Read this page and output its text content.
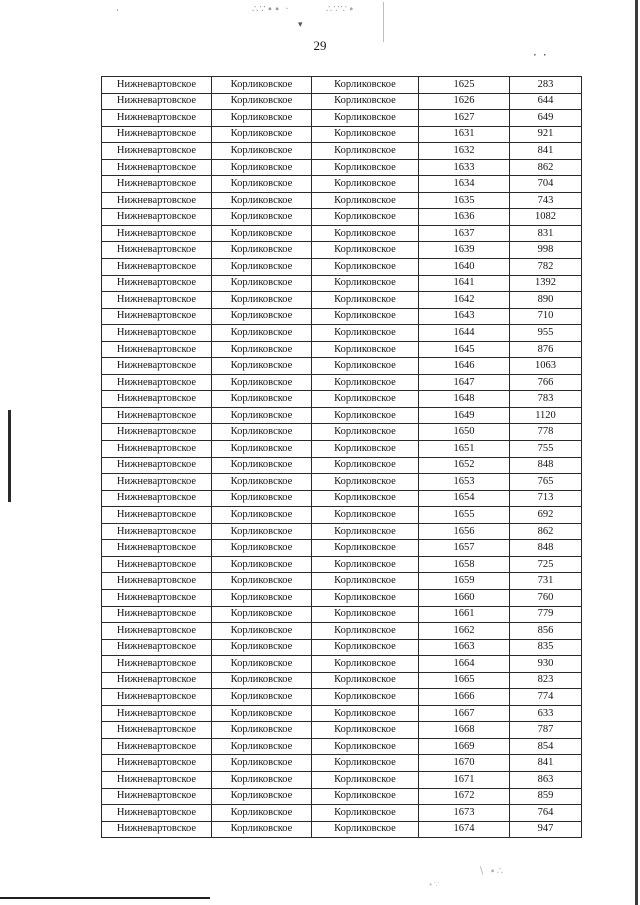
·	∴∵∙∙ ·	∴∵∵∙
▾
··
29
Нижневартовское	Корликовское	Корликовское	1625	283
Нижневартовское	Корликовское	Корликовское	1626	644
Нижневартовское	Корликовское	Корликовское	1627	649
Нижневартовское	Корликовское	Корликовское	1631	921
Нижневартовское	Корликовское	Корликовское	1632	841
Нижневартовское	Корликовское	Корликовское	1633	862
Нижневартовское	Корликовское	Корликовское	1634	704
Нижневартовское	Корликовское	Корликовское	1635	743
Нижневартовское	Корликовское	Корликовское	1636	1082
Нижневартовское	Корликовское	Корликовское	1637	831
Нижневартовское	Корликовское	Корликовское	1639	998
Нижневартовское	Корликовское	Корликовское	1640	782
Нижневартовское	Корликовское	Корликовское	1641	1392
Нижневартовское	Корликовское	Корликовское	1642	890
Нижневартовское	Корликовское	Корликовское	1643	710
Нижневартовское	Корликовское	Корликовское	1644	955
Нижневартовское	Корликовское	Корликовское	1645	876
Нижневартовское	Корликовское	Корликовское	1646	1063
Нижневартовское	Корликовское	Корликовское	1647	766
Нижневартовское	Корликовское	Корликовское	1648	783
Нижневартовское	Корликовское	Корликовское	1649	1120
Нижневартовское	Корликовское	Корликовское	1650	778
Нижневартовское	Корликовское	Корликовское	1651	755
Нижневартовское	Корликовское	Корликовское	1652	848
Нижневартовское	Корликовское	Корликовское	1653	765
Нижневартовское	Корликовское	Корликовское	1654	713
Нижневартовское	Корликовское	Корликовское	1655	692
Нижневартовское	Корликовское	Корликовское	1656	862
Нижневартовское	Корликовское	Корликовское	1657	848
Нижневартовское	Корликовское	Корликовское	1658	725
Нижневартовское	Корликовское	Корликовское	1659	731
Нижневартовское	Корликовское	Корликовское	1660	760
Нижневартовское	Корликовское	Корликовское	1661	779
Нижневартовское	Корликовское	Корликовское	1662	856
Нижневартовское	Корликовское	Корликовское	1663	835
Нижневартовское	Корликовское	Корликовское	1664	930
Нижневартовское	Корликовское	Корликовское	1665	823
Нижневартовское	Корликовское	Корликовское	1666	774
Нижневартовское	Корликовское	Корликовское	1667	633
Нижневартовское	Корликовское	Корликовское	1668	787
Нижневартовское	Корликовское	Корликовское	1669	854
Нижневартовское	Корликовское	Корликовское	1670	841
Нижневартовское	Корликовское	Корликовское	1671	863
Нижневартовское	Корликовское	Корликовское	1672	859
Нижневартовское	Корликовское	Корликовское	1673	764
Нижневартовское	Корликовское	Корликовское	1674	947
∖ ∙∴
∙∵
